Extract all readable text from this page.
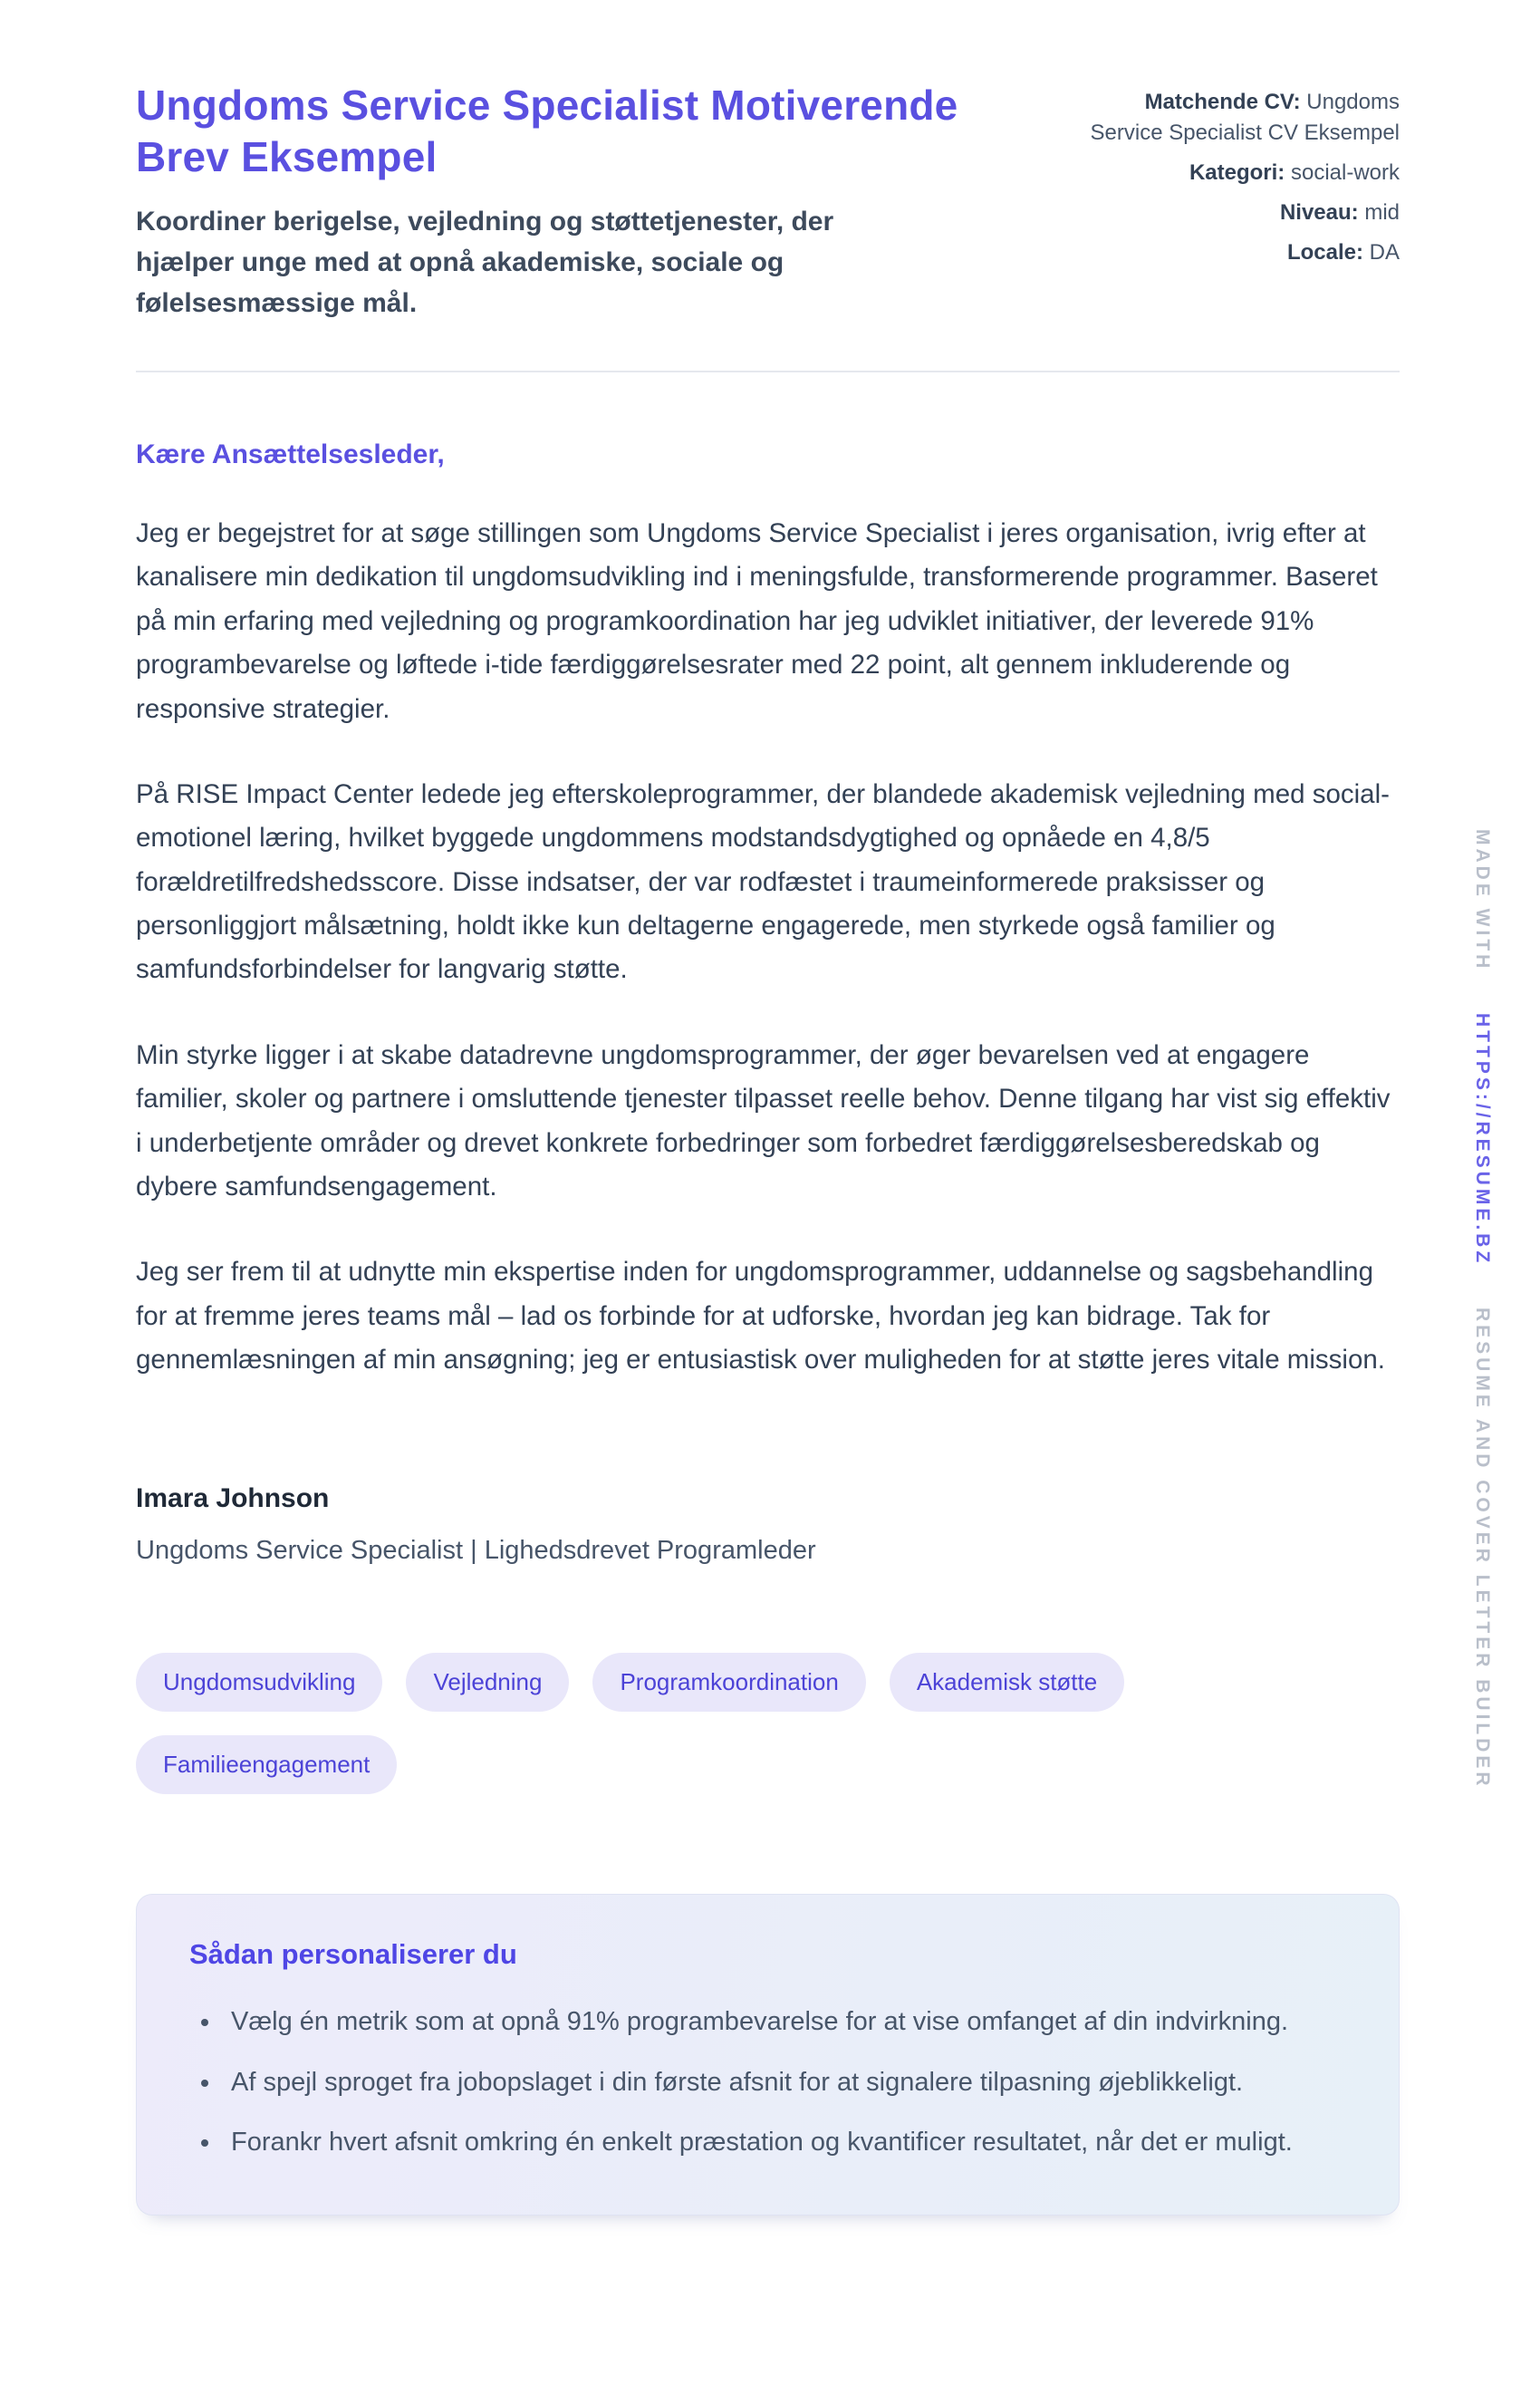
Ungdoms Service Specialist Motiverende Brev Eksempel

Koordiner berigelse, vejledning og støttetjenester, der hjælper unge med at opnå akademiske, sociale og følelsesmæssige mål.

Matchende CV: Ungdoms Service Specialist CV Eksempel
Kategori: social-work
Niveau: mid
Locale: DA

Kære Ansættelsesleder,

Jeg er begejstret for at søge stillingen som Ungdoms Service Specialist i jeres organisation, ivrig efter at kanalisere min dedikation til ungdomsudvikling ind i meningsfulde, transformerende programmer. Baseret på min erfaring med vejledning og programkoordination har jeg udviklet initiativer, der leverede 91% programbevarelse og løftede i-tide færdiggørelsesrater med 22 point, alt gennem inkluderende og responsive strategier.

På RISE Impact Center ledede jeg efterskoleprogrammer, der blandede akademisk vejledning med social-emotionel læring, hvilket byggede ungdommens modstandsdygtighed og opnåede en 4,8/5 forældretilfredshedsscore. Disse indsatser, der var rodfæstet i traumeinformerede praksisser og personliggjort målsætning, holdt ikke kun deltagerne engagerede, men styrkede også familier og samfundsforbindelser for langvarig støtte.

Min styrke ligger i at skabe datadrevne ungdomsprogrammer, der øger bevarelsen ved at engagere familier, skoler og partnere i omsluttende tjenester tilpasset reelle behov. Denne tilgang har vist sig effektiv i underbetjente områder og drevet konkrete forbedringer som forbedret færdiggørelsesberedskab og dybere samfundsengagement.

Jeg ser frem til at udnytte min ekspertise inden for ungdomsprogrammer, uddannelse og sagsbehandling for at fremme jeres teams mål – lad os forbinde for at udforske, hvordan jeg kan bidrage. Tak for gennemlæsningen af min ansøgning; jeg er entusiastisk over muligheden for at støtte jeres vitale mission.

Imara Johnson
Ungdoms Service Specialist | Lighedsdrevet Programleder
Ungdomsudvikling	Vejledning	Programkoordination	Akademisk støtte
Familieengagement
Sådan personaliserer du
• Vælg én metrik som at opnå 91% programbevarelse for at vise omfanget af din indvirkning.
• Af spejl sproget fra jobopslaget i din første afsnit for at signalere tilpasning øjeblikkeligt.
• Forankr hvert afsnit omkring én enkelt præstation og kvantificer resultatet, når det er muligt.
MADE WITH HTTPS://RESUME.BZ RESUME AND COVER LETTER BUILDER
